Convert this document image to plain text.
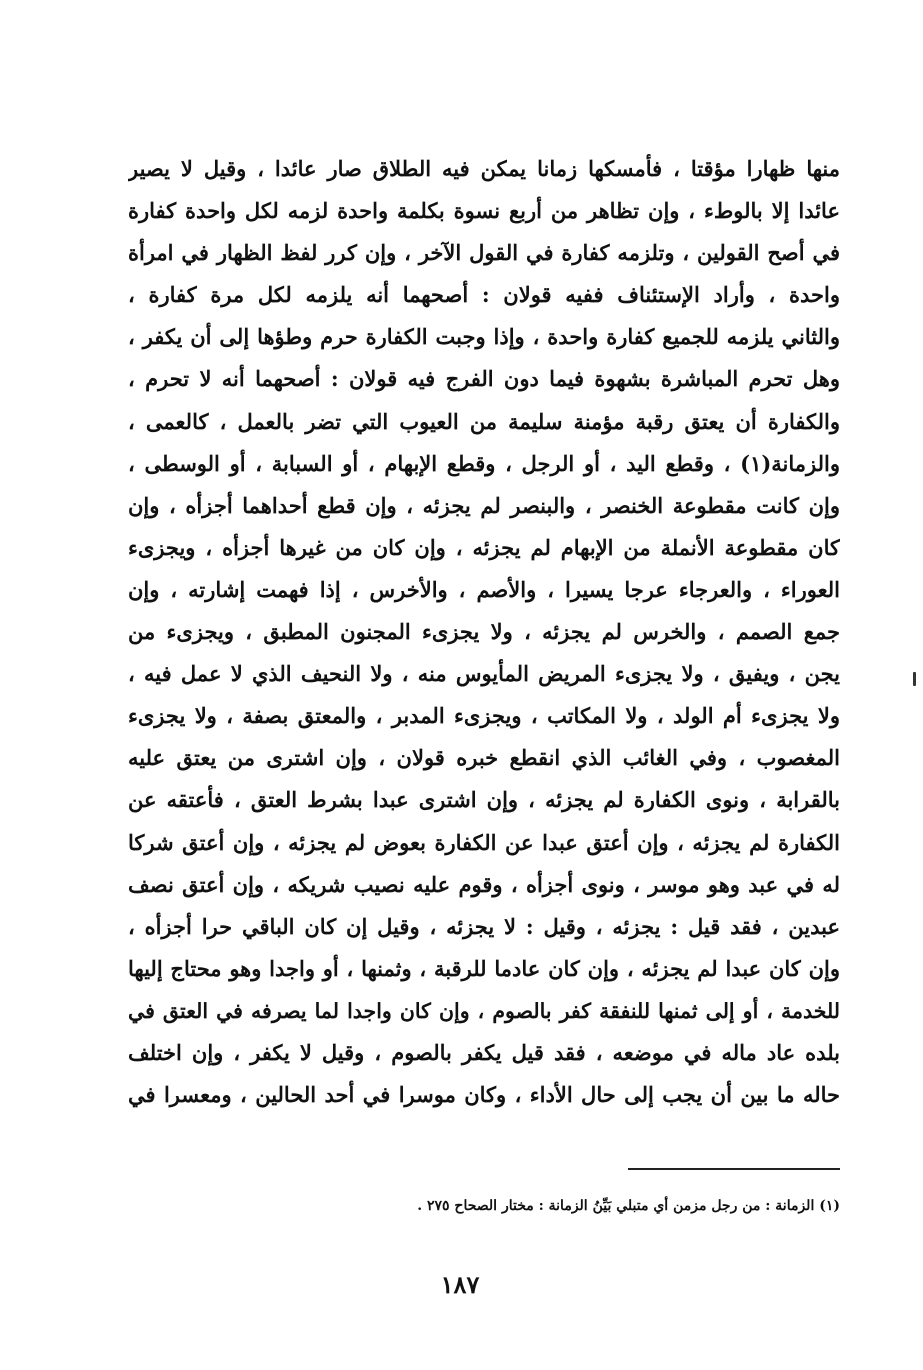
منها ظهارا مؤقتا ، فأمسكها زمانا يمكن فيه الطلاق صار عائدا ، وقيل لا يصير
عائدا إلا بالوطء ، وإن تظاهر من أربع نسوة بكلمة واحدة لزمه لكل واحدة كفارة
في أصح القولين ، وتلزمه كفارة في القول الآخر ، وإن كرر لفظ الظهار في امرأة
واحدة ، وأراد الإستئناف ففيه قولان : أصحهما أنه يلزمه لكل مرة كفارة ،
والثاني يلزمه للجميع كفارة واحدة ، وإذا وجبت الكفارة حرم وطؤها إلى أن يكفر ،
وهل تحرم المباشرة بشهوة فيما دون الفرج فيه قولان : أصحهما أنه لا تحرم ،
والكفارة أن يعتق رقبة مؤمنة سليمة من العيوب التي تضر بالعمل ، كالعمى ،
والزمانة(١) ، وقطع اليد ، أو الرجل ، وقطع الإبهام ، أو السبابة ، أو الوسطى ،
وإن كانت مقطوعة الخنصر ، والبنصر لم يجزئه ، وإن قطع أحداهما أجزأه ، وإن
كان مقطوعة الأنملة من الإبهام لم يجزئه ، وإن كان من غيرها أجزأه ، ويجزىء
العوراء ، والعرجاء عرجا يسيرا ، والأصم ، والأخرس ، إذا فهمت إشارته ، وإن
جمع الصمم ، والخرس لم يجزئه ، ولا يجزىء المجنون المطبق ، ويجزىء من
يجن ، ويفيق ، ولا يجزىء المريض المأيوس منه ، ولا النحيف الذي لا عمل فيه ،
ولا يجزىء أم الولد ، ولا المكاتب ، ويجزىء المدبر ، والمعتق بصفة ، ولا يجزىء
المغصوب ، وفي الغائب الذي انقطع خبره قولان ، وإن اشترى من يعتق عليه
بالقرابة ، ونوى الكفارة لم يجزئه ، وإن اشترى عبدا بشرط العتق ، فأعتقه عن
الكفارة لم يجزئه ، وإن أعتق عبدا عن الكفارة بعوض لم يجزئه ، وإن أعتق شركا
له في عبد وهو موسر ، ونوى أجزأه ، وقوم عليه نصيب شريكه ، وإن أعتق نصف
عبدين ، فقد قيل : يجزئه ، وقيل : لا يجزئه ، وقيل إن كان الباقي حرا أجزأه ،
وإن كان عبدا لم يجزئه ، وإن كان عادما للرقبة ، وثمنها ، أو واجدا وهو محتاج إليها
للخدمة ، أو إلى ثمنها للنفقة كفر بالصوم ، وإن كان واجدا لما يصرفه في العتق في
بلده عاد ماله في موضعه ، فقد قيل يكفر بالصوم ، وقيل لا يكفر ، وإن اختلف
حاله ما بين أن يجب إلى حال الأداء ، وكان موسرا في أحد الحالين ، ومعسرا في
(١) الزمانة : من رجل مزمن أي متبلي بَيِّنُ الزمانة : مختار الصحاح ٢٧٥ .
١٨٧
